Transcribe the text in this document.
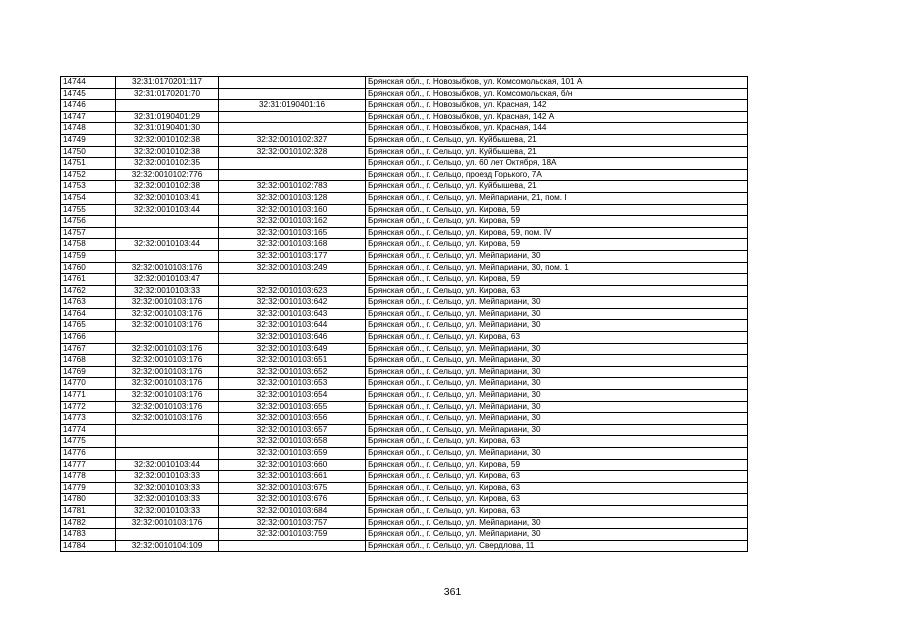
14744	32:31:0170201:117		Брянская обл., г. Новозыбков, ул. Комсомольская, 101 А
14745	32:31:0170201:70		Брянская обл., г. Новозыбков, ул. Комсомольская, б/н
14746		32:31:0190401:16	Брянская обл., г. Новозыбков, ул. Красная, 142
14747	32:31:0190401:29		Брянская обл., г. Новозыбков, ул. Красная, 142 А
14748	32:31:0190401:30		Брянская обл., г. Новозыбков, ул. Красная, 144
14749	32:32:0010102:38	32:32:0010102:327	Брянская обл., г. Сельцо, ул. Куйбышева, 21
14750	32:32:0010102:38	32:32:0010102:328	Брянская обл., г. Сельцо, ул. Куйбышева, 21
14751	32:32:0010102:35		Брянская обл., г. Сельцо, ул. 60 лет Октября, 18А
14752	32:32:0010102:776		Брянская обл., г. Сельцо, проезд Горького, 7А
14753	32:32:0010102:38	32:32:0010102:783	Брянская обл., г. Сельцо, ул. Куйбышева, 21
14754	32:32:0010103:41	32:32:0010103:128	Брянская обл., г. Сельцо, ул. Мейпариани, 21, пом. I
14755	32:32:0010103:44	32:32:0010103:160	Брянская обл., г. Сельцо, ул. Кирова, 59
14756		32:32:0010103:162	Брянская обл., г. Сельцо, ул. Кирова, 59
14757		32:32:0010103:165	Брянская обл., г. Сельцо, ул. Кирова, 59, пом. IV
14758	32:32:0010103:44	32:32:0010103:168	Брянская обл., г. Сельцо, ул. Кирова, 59
14759		32:32:0010103:177	Брянская обл., г. Сельцо, ул. Мейпариани, 30
14760	32:32:0010103:176	32:32:0010103:249	Брянская обл., г. Сельцо, ул. Мейпариани, 30, пом. 1
14761	32:32:0010103:47		Брянская обл., г. Сельцо, ул. Кирова, 59
14762	32:32:0010103:33	32:32:0010103:623	Брянская обл., г. Сельцо, ул. Кирова, 63
14763	32:32:0010103:176	32:32:0010103:642	Брянская обл., г. Сельцо, ул. Мейпариани, 30
14764	32:32:0010103:176	32:32:0010103:643	Брянская обл., г. Сельцо, ул. Мейпариани, 30
14765	32:32:0010103:176	32:32:0010103:644	Брянская обл., г. Сельцо, ул. Мейпариани, 30
14766		32:32:0010103:646	Брянская обл., г. Сельцо, ул. Кирова, 63
14767	32:32:0010103:176	32:32:0010103:649	Брянская обл., г. Сельцо, ул. Мейпариани, 30
14768	32:32:0010103:176	32:32:0010103:651	Брянская обл., г. Сельцо, ул. Мейпариани, 30
14769	32:32:0010103:176	32:32:0010103:652	Брянская обл., г. Сельцо, ул. Мейпариани, 30
14770	32:32:0010103:176	32:32:0010103:653	Брянская обл., г. Сельцо, ул. Мейпариани, 30
14771	32:32:0010103:176	32:32:0010103:654	Брянская обл., г. Сельцо, ул. Мейпариани, 30
14772	32:32:0010103:176	32:32:0010103:655	Брянская обл., г. Сельцо, ул. Мейпариани, 30
14773	32:32:0010103:176	32:32:0010103:656	Брянская обл., г. Сельцо, ул. Мейпариани, 30
14774		32:32:0010103:657	Брянская обл., г. Сельцо, ул. Мейпариани, 30
14775		32:32:0010103:658	Брянская обл., г. Сельцо, ул. Кирова, 63
14776		32:32:0010103:659	Брянская обл., г. Сельцо, ул. Мейпариани, 30
14777	32:32:0010103:44	32:32:0010103:660	Брянская обл., г. Сельцо, ул. Кирова, 59
14778	32:32:0010103:33	32:32:0010103:661	Брянская обл., г. Сельцо, ул. Кирова, 63
14779	32:32:0010103:33	32:32:0010103:675	Брянская обл., г. Сельцо, ул. Кирова, 63
14780	32:32:0010103:33	32:32:0010103:676	Брянская обл., г. Сельцо, ул. Кирова, 63
14781	32:32:0010103:33	32:32:0010103:684	Брянская обл., г. Сельцо, ул. Кирова, 63
14782	32:32:0010103:176	32:32:0010103:757	Брянская обл., г. Сельцо, ул. Мейпариани, 30
14783		32:32:0010103:759	Брянская обл., г. Сельцо, ул. Мейпариани, 30
14784	32:32:0010104:109		Брянская обл., г. Сельцо, ул. Свердлова, 11
361
